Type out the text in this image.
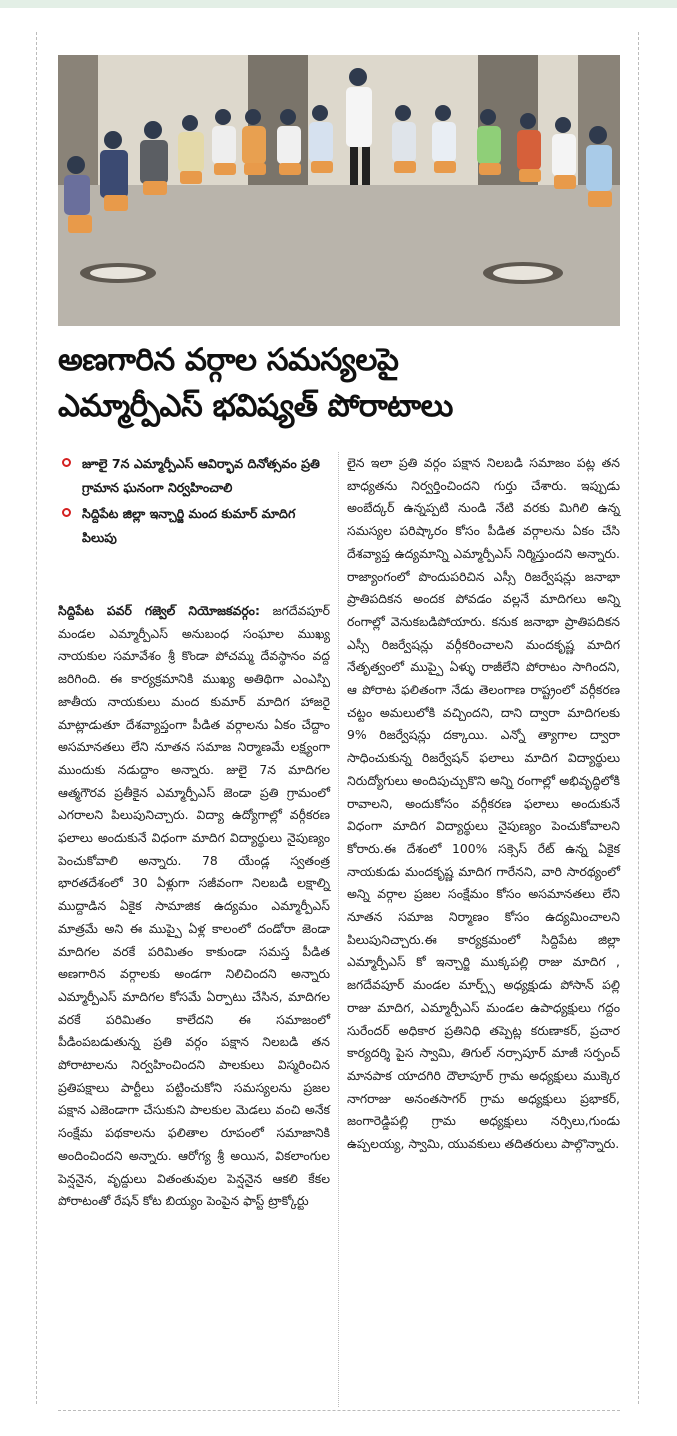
అణగారిన వర్గాల సమస్యలపై
ఎమ్మార్పీఎస్ భవిష్యత్ పోరాటాలు
జూలై 7న ఎమ్మార్పీఎస్ ఆవిర్భావ దినోత్సవం ప్రతి గ్రామాన ఘనంగా నిర్వహించాలి
సిద్దిపేట జిల్లా ఇన్చార్జి మంద కుమార్ మాదిగ పిలుపు

సిద్దిపేట పవర్ గజ్వెల్ నియోజకవర్గం: జగదేవపూర్ మండల ఎమ్మార్పీఎస్ అనుబంధ సంఘాల ముఖ్య నాయకుల సమావేశం శ్రీ కొండా పోచమ్మ దేవస్థానం వద్ద జరిగింది. ఈ కార్యక్రమానికి ముఖ్య అతిథిగా ఎంఎస్పి జాతీయ నాయకులు మంద కుమార్ మాదిగ హాజరై మాట్లాడుతూ దేశవ్యాప్తంగా పీడిత వర్గాలను ఏకం చేద్దాం అసమానతలు లేని నూతన సమాజ నిర్మాణమే లక్ష్యంగా ముందుకు నడుద్దాం అన్నారు. జులై 7న మాదిగల ఆత్మగౌరవ ప్రతీకైన ఎమ్మార్పీఎస్ జెండా ప్రతి గ్రామంలో ఎగరాలని పిలుపునిచ్చారు. విద్యా ఉద్యోగాల్లో వర్గీకరణ ఫలాలు అందుకునే విధంగా మాదిగ విద్యార్థులు నైపుణ్యం పెంచుకోవాలి అన్నారు. 78 యేండ్ల స్వతంత్ర భారతదేశంలో 30 ఏళ్లుగా సజీవంగా నిలబడి లక్షాల్ని ముద్దాడిన ఏకైక సామాజిక ఉద్యమం ఎమ్మార్పీఎస్ మాత్రమే అని ఈ ముప్పై ఏళ్ల కాలంలో దండోరా జెండా మాదిగల వరకే పరిమితం కాకుండా సమస్త పీడిత అణగారిన వర్గాలకు అండగా నిలిచిందని అన్నారు ఎమ్మార్పీఎస్ మాదిగల కోసమే ఏర్పాటు చేసిన, మాదిగల వరకే పరిమితం కాలేదని ఈ సమాజంలో పీడింపబడుతున్న ప్రతి వర్గం పక్షాన నిలబడి తన పోరాటాలను నిర్వహించిందని పాలకులు విస్మరించిన ప్రతిపక్షాలు పార్టీలు పట్టించుకోని సమస్యలను ప్రజల పక్షాన ఎజెండాగా చేసుకుని పాలకుల మెడలు వంచి అనేక సంక్షేమ పథకాలను ఫలితాల రూపంలో సమాజానికి అందించిందని అన్నారు. ఆరోగ్య శ్రీ అయిన, వికలాంగుల పెన్షనైన, వృద్దులు వితంతువుల పెన్షనైన ఆకలి కేకల పోరాటంతో రేషన్ కోట బియ్యం పెంపైన ఫాస్ట్ ట్రాక్కోర్టు

లైన ఇలా ప్రతి వర్గం పక్షాన నిలబడి సమాజం పట్ల తన బాధ్యతను నిర్వర్తించిందని గుర్తు చేశారు. ఇప్పుడు అంబేద్కర్ ఉన్నప్పటి నుండి నేటి వరకు మిగిలి ఉన్న సమస్యల పరిష్కారం కోసం పీడిత వర్గాలను ఏకం చేసి దేశవ్యాప్త ఉద్యమాన్ని ఎమ్మార్పీఎస్ నిర్మిస్తుందని అన్నారు. రాజ్యాంగంలో పొందుపరిచిన ఎస్సీ రిజర్వేషన్లు జనాభా ప్రాతిపదికన అందక పోవడం వల్లనే మాదిగలు అన్ని రంగాల్లో వెనుకబడిపోయారు. కనుక జనాభా ప్రాతిపదికన ఎస్సీ రిజర్వేషన్లు వర్గీకరించాలని మందకృష్ణ మాదిగ నేతృత్వంలో ముప్పై ఏళ్ళు రాజీలేని పోరాటం సాగిందని, ఆ పోరాట ఫలితంగా నేడు తెలంగాణ రాష్ట్రంలో వర్గీకరణ చట్టం అమలులోకి వచ్చిందని, దాని ద్వారా మాదిగలకు 9% రిజర్వేషన్లు దక్కాయి. ఎన్నో త్యాగాల ద్వారా సాధించుకున్న రిజర్వేషన్ ఫలాలు మాదిగ విద్యార్థులు నిరుద్యోగులు అందిపుచ్చుకొని అన్ని రంగాల్లో అభివృద్ధిలోకి రావాలని, అందుకోసం వర్గీకరణ ఫలాలు అందుకునే విధంగా మాదిగ విద్యార్థులు నైపుణ్యం పెంచుకోవాలని కోరారు.ఈ దేశంలో 100% సక్సెస్ రేట్ ఉన్న ఏకైక నాయకుడు మందకృష్ణ మాదిగ గారేనని, వారి సారథ్యంలో అన్ని వర్గాల ప్రజల సంక్షేమం కోసం అసమానతలు లేని నూతన సమాజ నిర్మాణం కోసం ఉద్యమించాలని పిలుపునిచ్చారు.ఈ కార్యక్రమంలో సిద్దిపేట జిల్లా ఎమ్మార్పీఎస్ కో ఇన్చార్జి ముక్కపల్లి రాజు మాదిగ , జగదేవపూర్ మండల మార్ప్స్ అధ్యక్షుడు పోసాన్ పల్లి రాజు మాదిగ, ఎమ్మార్పీఎస్ మండల ఉపాధ్యక్షులు గద్దం సురేందర్ అధికార ప్రతినిధి తప్పెట్ల కరుణాకర్, ప్రచార కార్యదర్శి పైస స్వామి, తిగుల్ నర్సాపూర్ మాజీ సర్పంచ్ మానపాక యాదగిరి దౌలాపూర్ గ్రామ అధ్యక్షులు ముక్కెర నాగరాజు అనంతసాగర్ గ్రామ అధ్యక్షులు ప్రభాకర్, జంగారెడ్డిపల్లి గ్రామ అధ్యక్షులు నర్సిలు,గుండు ఉప్పలయ్య, స్వామి, యువకులు తదితరులు పాల్గొన్నారు.
